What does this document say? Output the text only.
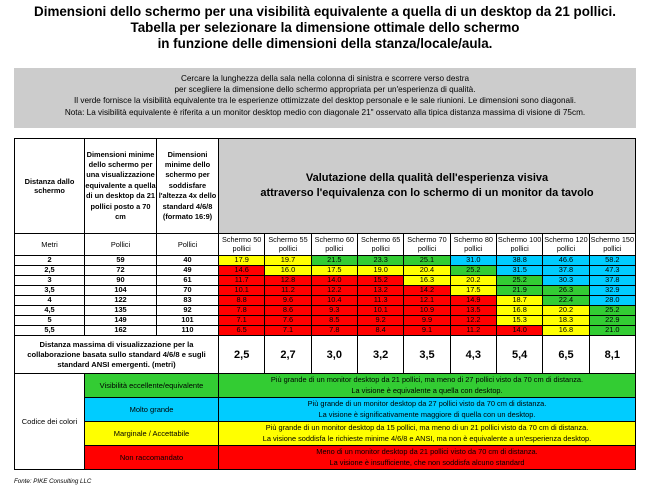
Dimensioni dello schermo per una visibilità equivalente a quella di un desktop da 21 pollici.
Tabella per selezionare la dimensione ottimale dello schermo
in funzione delle dimensioni della stanza/locale/aula.
Cercare la lunghezza della sala nella colonna di sinistra e scorrere verso destra
per scegliere la dimensione dello schermo appropriata per un'esperienza di qualità.
Il verde fornisce la visibilità equivalente tra le esperienze ottimizzate del desktop personale e le sale riunioni. Le dimensioni sono diagonali.
Nota: La visibilità equivalente è riferita a un monitor desktop medio con diagonale 21" osservato alla tipica distanza massima di visione di 75cm.
Distanza dallo schermo	Dimensioni minime dello schermo per una visualizzazione equivalente a quella di un desktop da 21 pollici posto a 70 cm	Dimensioni minime dello schermo per soddisfare l'altezza 4x dello standard 4/6/8 (formato 16:9)	Valutazione della qualità dell'esperienza visiva
attraverso l'equivalenza con lo schermo di un monitor da tavolo								

Metri	Pollici	Pollici	Schermo 50 pollici	Schermo 55 pollici	Schermo 60 pollici	Schermo 65 pollici	Schermo 70 pollici	Schermo 80 pollici	Schermo 100 pollici	Schermo 120 pollici	Schermo 150 pollici
2	59	40	17.9	19.7	21.5	23.3	25.1	31.0	38.8	46.6	58.2
2,5	72	49	14.6	16.0	17.5	19.0	20.4	25.2	31.5	37.8	47.3
3	90	61	11.7	12.8	14.0	15.2	16.3	20.2	25.2	30.3	37.8
3,5	104	70	10.1	11.2	12.2	13.2	14.2	17.5	21.9	26.3	32.9
4	122	83	8.8	9.6	10.4	11.3	12.1	14.9	18.7	22.4	28.0
4,5	135	92	7.8	8.6	9.3	10.1	10.9	13.5	16.8	20.2	25.2
5	149	101	7.1	7.6	8.5	9.2	9.9	12.2	15.3	18.3	22.9
5,5	162	110	6.5	7.1	7.8	8.4	9.1	11.2	14.0	16.8	21.0
Distanza massima di visualizzazione per la collaborazione basata sullo standard 4/6/8 e sugli standard ANSI emergenti. (metri)			2,5	2,7	3,0	3,2	3,5	4,3	5,4	6,5	8,1
Codice dei colori	Visibilità eccellente/equivalente		Più grande di un monitor desktop da 21 pollici, ma meno di 27 pollici visto da 70 cm di distanza.
La visione è equivalente a quella con desktop.								

	Molto grande		Più grande di un monitor desktop da 27 pollici visto da 70 cm di distanza.
La visione è significativamente maggiore di quella con un desktop.								

	Marginale / Accettabile		Più grande di un monitor desktop da 15 pollici, ma meno di un 21 pollici visto da 70 cm di distanza.
La visione soddisfa le richieste minime 4/6/8 e ANSI, ma non è equivalente a un'esperienza desktop.								

	Non raccomandato		Meno di un monitor desktop da 21 pollici visto da 70 cm di distanza.
La visione è insufficiente, che non soddisfa alcuno standard								
Fonte: PIKE Consulting LLC
